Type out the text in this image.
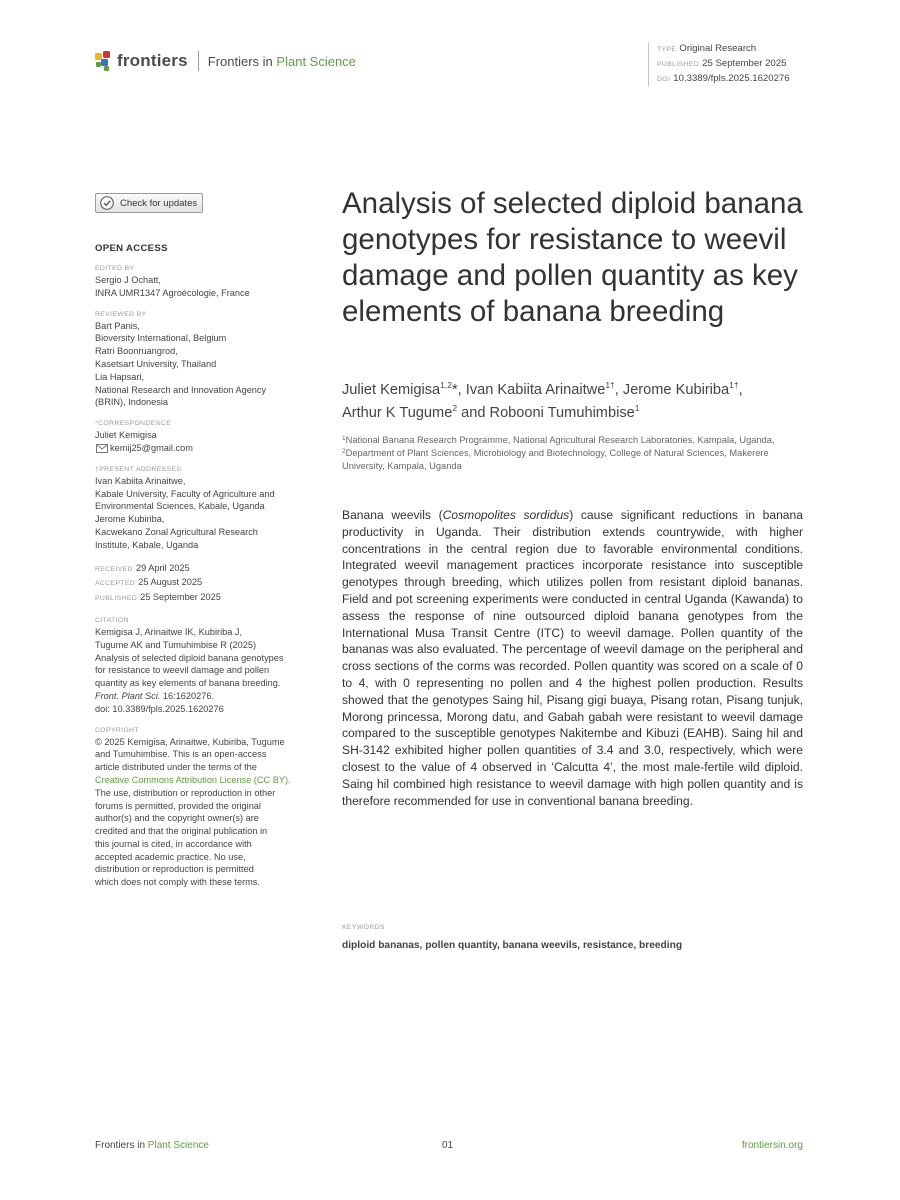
frontiers Frontiers in Plant Science
TYPE Original Research
PUBLISHED 25 September 2025
DOI 10.3389/fpls.2025.1620276
Check for updates
OPEN ACCESS
EDITED BY
Sergio J Ochatt,
INRA UMR1347 Agroécologie, France
REVIEWED BY
Bart Panis,
Bioversity International, Belgium
Ratri Boonruangrod,
Kasetsart University, Thailand
Lia Hapsari,
National Research and Innovation Agency
(BRIN), Indonesia
*CORRESPONDENCE
Juliet Kemigisa
kemij25@gmail.com
†PRESENT ADDRESSES
Ivan Kabiita Arinaitwe,
Kabale University, Faculty of Agriculture and
Environmental Sciences, Kabale, Uganda
Jerome Kubiriba,
Kacwekano Zonal Agricultural Research
Institute, Kabale, Uganda
RECEIVED 29 April 2025
ACCEPTED 25 August 2025
PUBLISHED 25 September 2025
CITATION
Kemigisa J, Arinaitwe IK, Kubiriba J,
Tugume AK and Tumuhimbise R (2025)
Analysis of selected diploid banana genotypes
for resistance to weevil damage and pollen
quantity as key elements of banana breeding.
Front. Plant Sci. 16:1620276.
doi: 10.3389/fpls.2025.1620276
COPYRIGHT
© 2025 Kemigisa, Arinaitwe, Kubiriba, Tugume
and Tumuhimbise. This is an open-access
article distributed under the terms of the
Creative Commons Attribution License (CC BY).
The use, distribution or reproduction in other
forums is permitted, provided the original
author(s) and the copyright owner(s) are
credited and that the original publication in
this journal is cited, in accordance with
accepted academic practice. No use,
distribution or reproduction is permitted
which does not comply with these terms.
Analysis of selected diploid banana genotypes for resistance to weevil damage and pollen quantity as key elements of banana breeding
Juliet Kemigisa$^{1,2}$*, Ivan Kabiita Arinaitwe$^{1\dagger}$, Jerome Kubiriba$^{1\dagger}$,
Arthur K Tugume$^2$ and Robooni Tumuhimbise$^1$
$^1$National Banana Research Programme, National Agricultural Research Laboratories, Kampala, Uganda, $^2$Department of Plant Sciences, Microbiology and Biotechnology, College of Natural Sciences, Makerere University, Kampala, Uganda

Banana weevils (Cosmopolites sordidus) cause significant reductions in banana productivity in Uganda. Their distribution extends countrywide, with higher concentrations in the central region due to favorable environmental conditions. Integrated weevil management practices incorporate resistance into susceptible genotypes through breeding, which utilizes pollen from resistant diploid bananas. Field and pot screening experiments were conducted in central Uganda (Kawanda) to assess the response of nine outsourced diploid banana genotypes from the International Musa Transit Centre (ITC) to weevil damage. Pollen quantity of the bananas was also evaluated. The percentage of weevil damage on the peripheral and cross sections of the corms was recorded. Pollen quantity was scored on a scale of 0 to 4, with 0 representing no pollen and 4 the highest pollen production. Results showed that the genotypes Saing hil, Pisang gigi buaya, Pisang rotan, Pisang tunjuk, Morong princessa, Morong datu, and Gabah gabah were resistant to weevil damage compared to the susceptible genotypes Nakitembe and Kibuzi (EAHB). Saing hil and SH-3142 exhibited higher pollen quantities of 3.4 and 3.0, respectively, which were closest to the value of 4 observed in ‘Calcutta 4’, the most male-fertile wild diploid. Saing hil combined high resistance to weevil damage with high pollen quantity and is therefore recommended for use in conventional banana breeding.

KEYWORDS
diploid bananas, pollen quantity, banana weevils, resistance, breeding
Frontiers in Plant Science	01	frontiersin.org
